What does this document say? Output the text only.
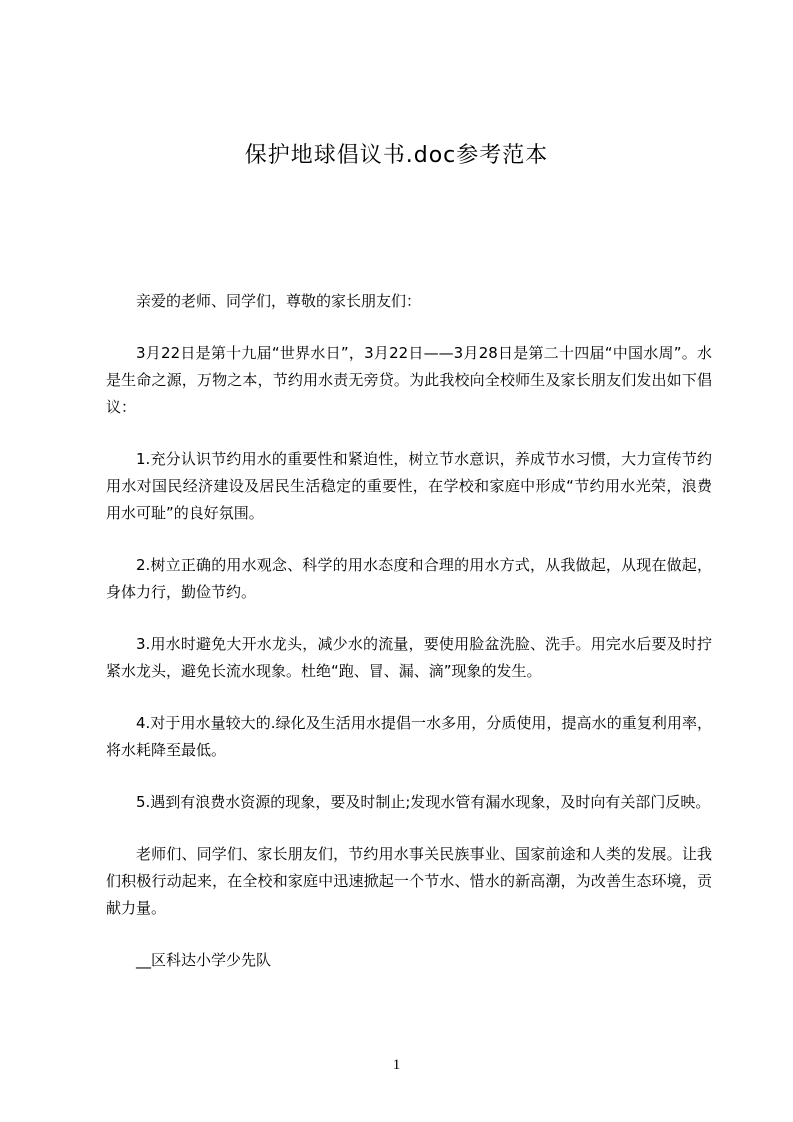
保护地球倡议书.doc参考范本

亲爱的老师、同学们，尊敬的家长朋友们：

3月22日是第十九届“世界水日”，3月22日——3月28日是第二十四届“中国水周”。水是生命之源，万物之本，节约用水责无旁贷。为此我校向全校师生及家长朋友们发出如下倡议：

1.充分认识节约用水的重要性和紧迫性，树立节水意识，养成节水习惯，大力宣传节约用水对国民经济建设及居民生活稳定的重要性，在学校和家庭中形成“节约用水光荣，浪费用水可耻”的良好氛围。

2.树立正确的用水观念、科学的用水态度和合理的用水方式，从我做起，从现在做起，身体力行，勤俭节约。

3.用水时避免大开水龙头，减少水的流量，要使用脸盆洗脸、洗手。用完水后要及时拧紧水龙头，避免长流水现象。杜绝“跑、冒、漏、滴”现象的发生。

4.对于用水量较大的.绿化及生活用水提倡一水多用，分质使用，提高水的重复利用率，将水耗降至最低。

5.遇到有浪费水资源的现象，要及时制止;发现水管有漏水现象，及时向有关部门反映。

老师们、同学们、家长朋友们，节约用水事关民族事业、国家前途和人类的发展。让我们积极行动起来，在全校和家庭中迅速掀起一个节水、惜水的新高潮，为改善生态环境，贡献力量。

__区科达小学少先队

1
